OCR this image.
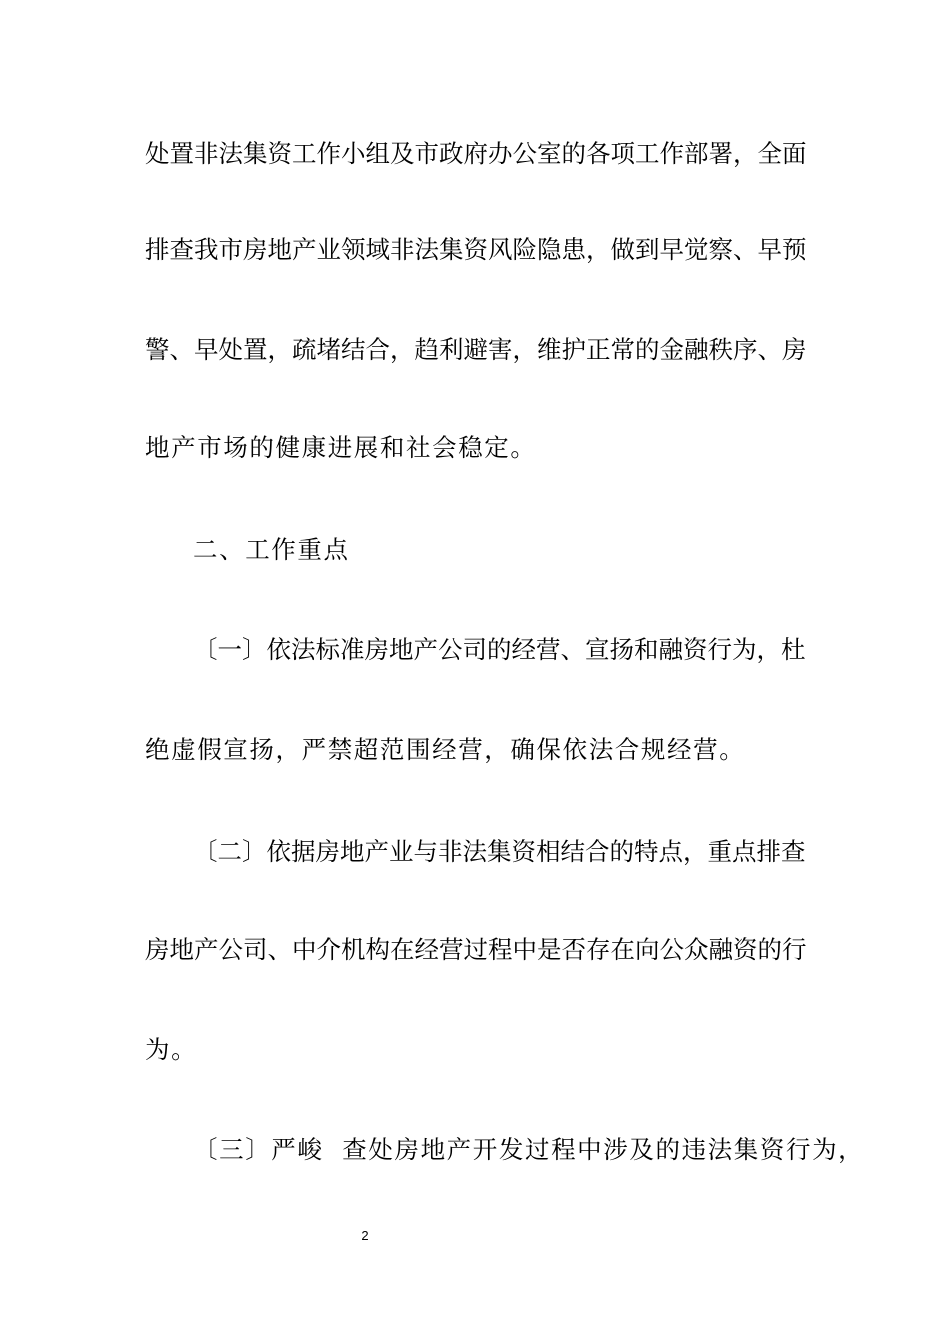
处置非法集资工作小组及市政府办公室的各项工作部署，全面
排查我市房地产业领域非法集资风险隐患，做到早觉察、早预
警、早处置，疏堵结合，趋利避害，维护正常的金融秩序、房
地产市场的健康进展和社会稳定。
二、工作重点
〔一〕依法标准房地产公司的经营、宣扬和融资行为，杜
绝虚假宣扬，严禁超范围经营，确保依法合规经营。
〔二〕依据房地产业与非法集资相结合的特点，重点排查
房地产公司、中介机构在经营过程中是否存在向公众融资的行
为。
〔三〕严峻  查处房地产开发过程中涉及的违法集资行为，
2
